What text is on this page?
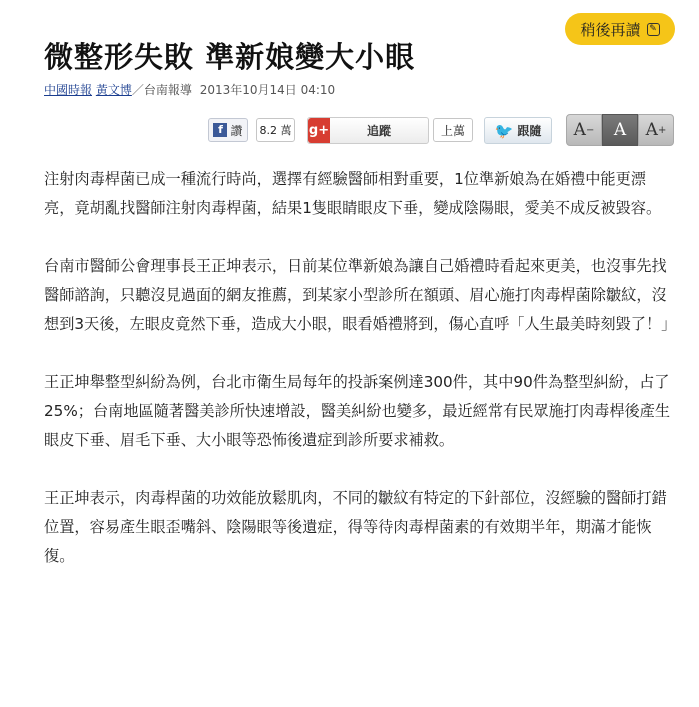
微整形失敗 準新娘變大小眼
稍後再讀 ✎
中國時報 黃文博／台南報導 2013年10月14日 04:10
f 讚	8.2 萬 g+	追蹤	上萬	🐦 跟隨 A − A A +

注射肉毒桿菌已成一種流行時尚，選擇有經驗醫師相對重要，1位準新娘為在婚禮中能更漂亮，竟胡亂找醫師注射肉毒桿菌，結果1隻眼睛眼皮下垂，變成陰陽眼，愛美不成反被毀容。

台南市醫師公會理事長王正坤表示，日前某位準新娘為讓自己婚禮時看起來更美，也沒事先找醫師諮詢，只聽沒見過面的網友推薦，到某家小型診所在額頭、眉心施打肉毒桿菌除皺紋，沒想到3天後，左眼皮竟然下垂，造成大小眼，眼看婚禮將到，傷心直呼「人生最美時刻毀了！」

王正坤舉整型糾紛為例，台北市衛生局每年的投訴案例達300件，其中90件為整型糾紛，占了25%；台南地區隨著醫美診所快速增設，醫美糾紛也變多，最近經常有民眾施打肉毒桿後產生眼皮下垂、眉毛下垂、大小眼等恐怖後遺症到診所要求補救。

王正坤表示，肉毒桿菌的功效能放鬆肌肉，不同的皺紋有特定的下針部位，沒經驗的醫師打錯位置，容易產生眼歪嘴斜、陰陽眼等後遺症，得等待肉毒桿菌素的有效期半年，期滿才能恢復。
